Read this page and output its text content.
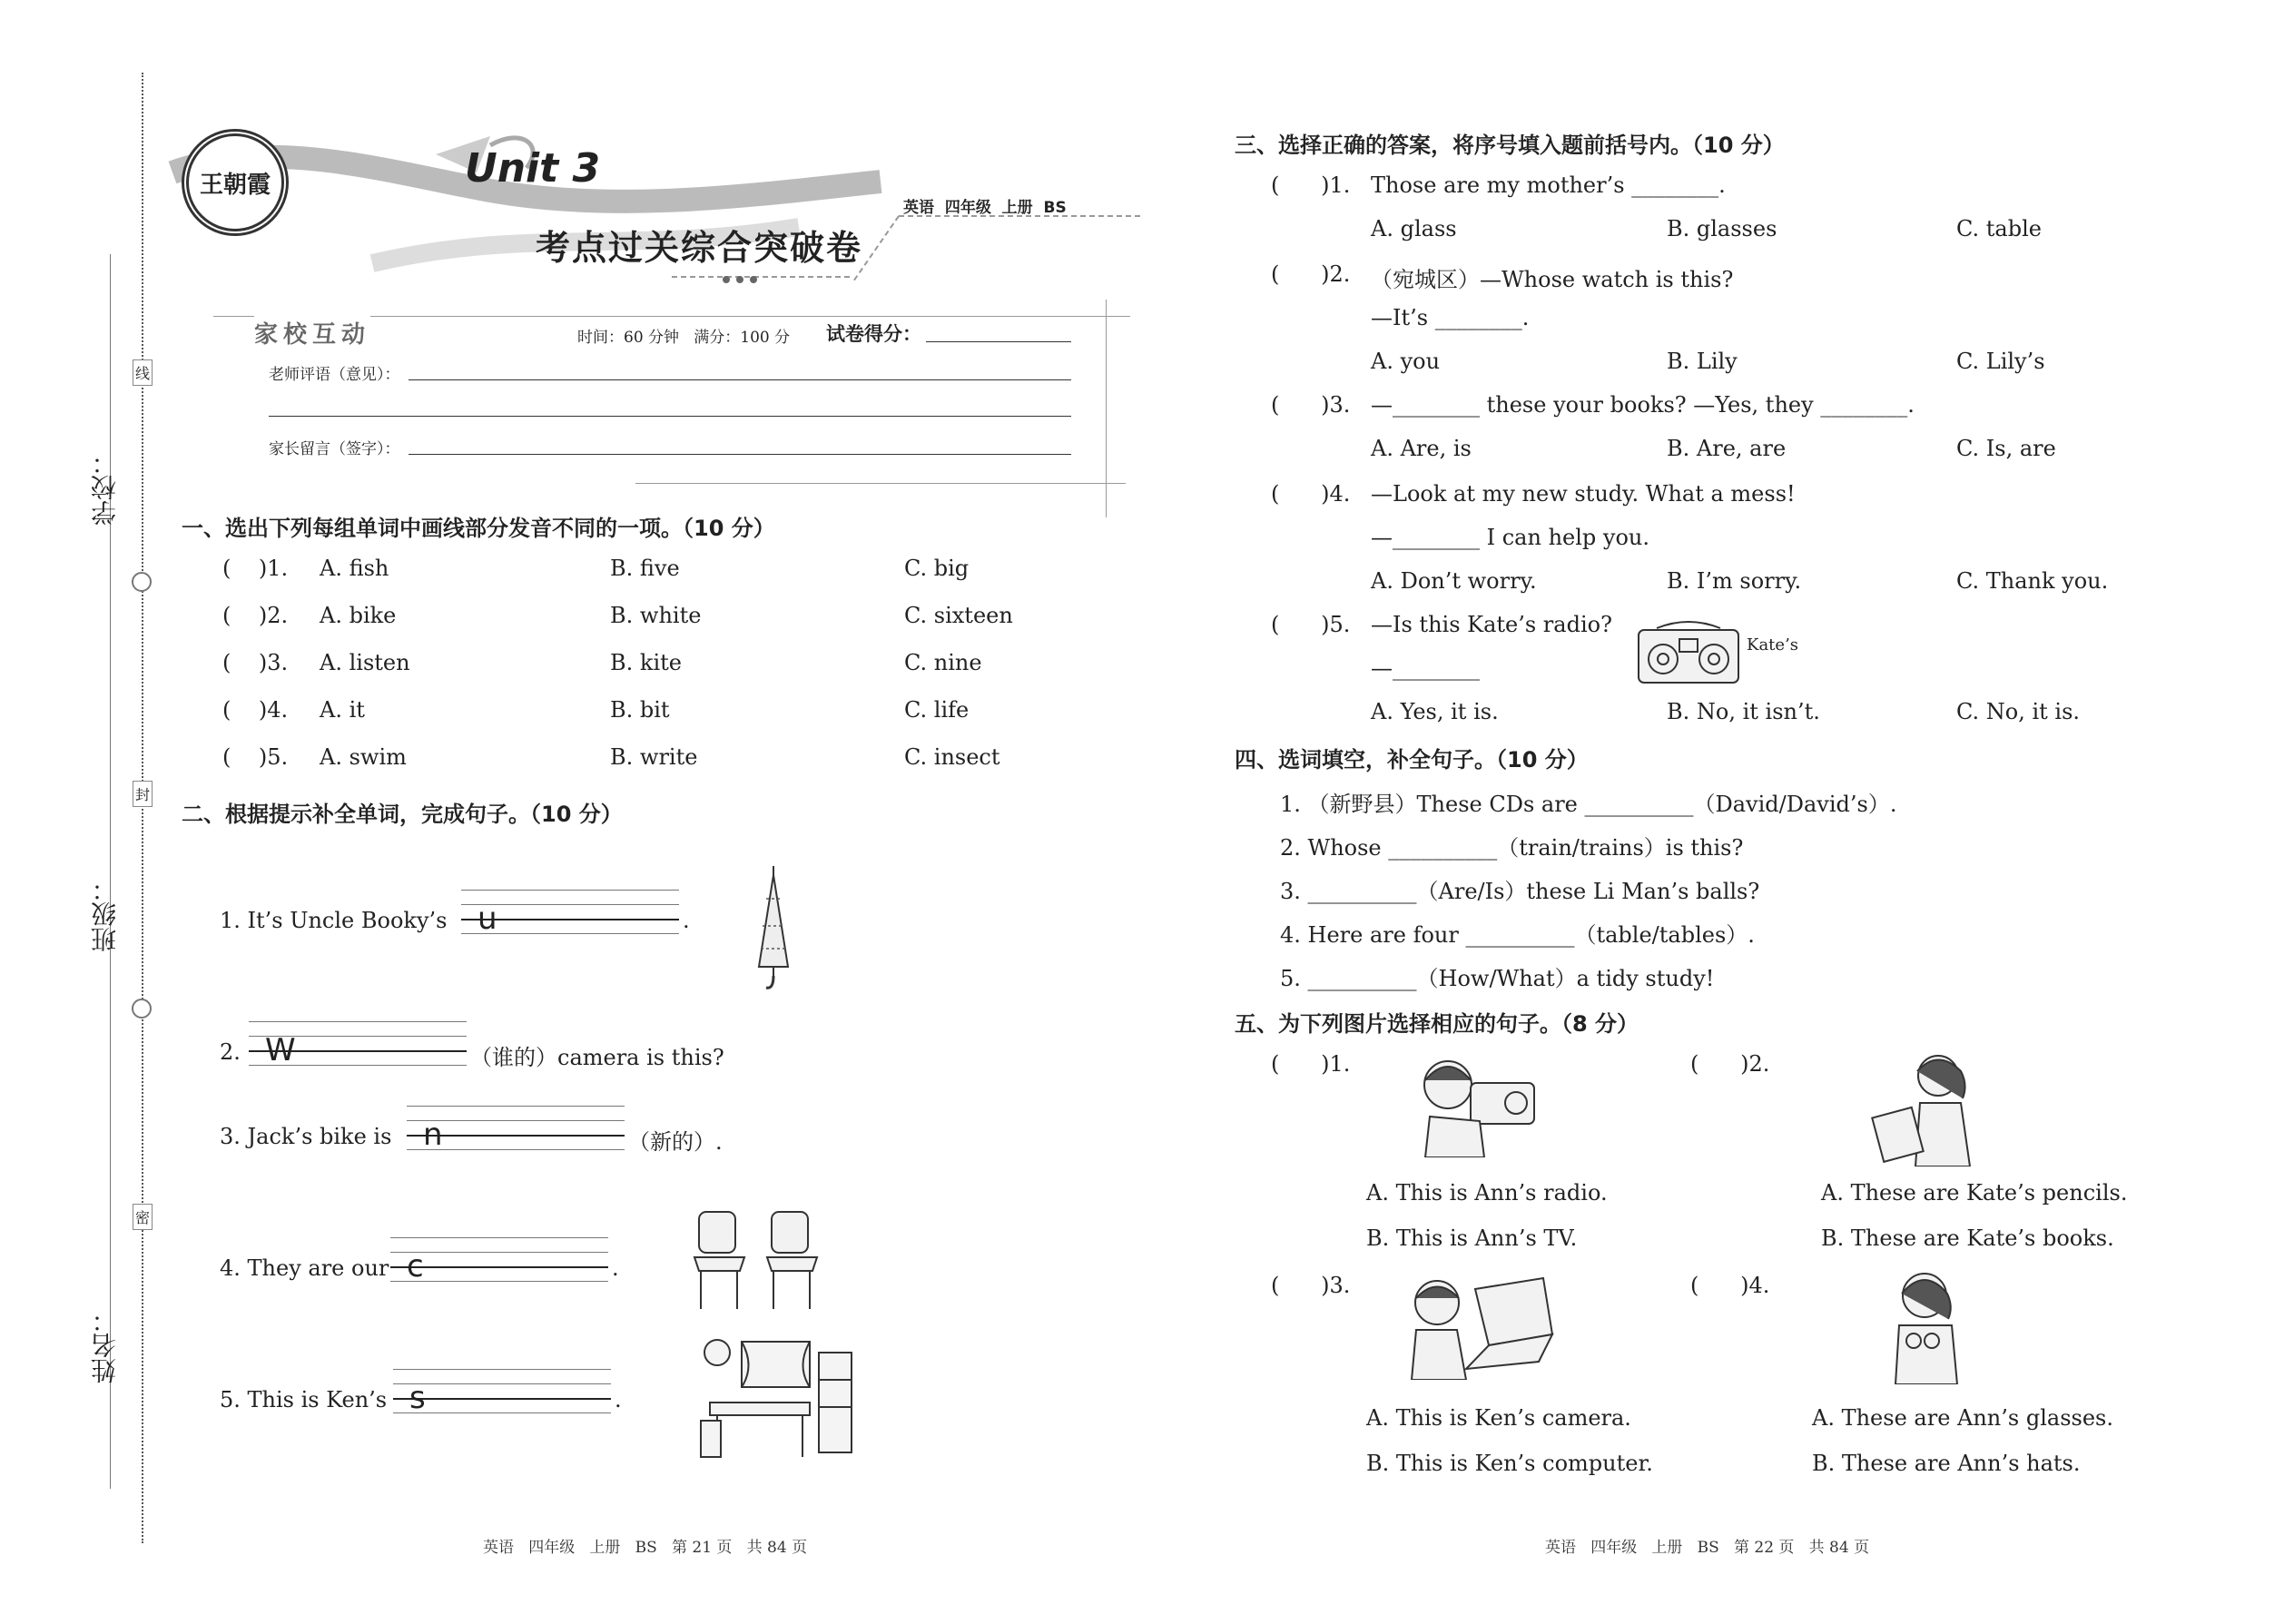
学校：
班级：
姓名：
线
封
密
王朝霞	Unit 3
考点过关综合突破卷
英语  四年级  上册  BS
家校互动	时间：60 分钟   满分：100 分 试卷得分：
老师评语（意见）：
家长留言（签字）：
一、选出下列每组单词中画线部分发音不同的一项。（10 分）
(    )1. A. fish	B. five	C. big
(    )2. A. bike	B. white	C. sixteen
(    )3. A. listen	B. kite	C. nine
(    )4. A. it	B. bit	C. life
(    )5. A. swim	B. write	C. insect
二、根据提示补全单词，完成句子。（10 分）
1. It’s Uncle Booky’s u	.
2. W	（谁的）camera is this?
3. Jack’s bike is n	（新的）.
4. They are our c	.
5. This is Ken’s s	.
三、选择正确的答案，将序号填入题前括号内。（10 分）
(      )1. Those are my mother’s ________.
A. glass	B. glasses	C. table
(      )2. （宛城区）—Whose watch is this?
—It’s ________.
A. you	B. Lily	C. Lily’s
(      )3. —________ these your books? —Yes, they ________.
A. Are, is	B. Are, are	C. Is, are
(      )4. —Look at my new study. What a mess!
—________ I can help you.
A. Don’t worry.	B. I’m sorry.	C. Thank you.
(      )5. —Is this Kate’s radio?
—________
A. Yes, it is.	B. No, it isn’t.	C. No, it is.
Kate’s
四、选词填空，补全句子。（10 分）
1. （新野县）These CDs are __________（David/David’s）.
2. Whose __________（train/trains）is this?
3. __________（Are/Is）these Li Man’s balls?
4. Here are four __________（table/tables）.
5. __________（How/What）a tidy study!
五、为下列图片选择相应的句子。（8 分）
(      )1.
A. This is Ann’s radio.
B. This is Ann’s TV.
(      )2.
A. These are Kate’s pencils.
B. These are Kate’s books.
(      )3.
A. This is Ken’s camera.
B. This is Ken’s computer.
(      )4.
A. These are Ann’s glasses.
B. These are Ann’s hats.
英语   四年级   上册   BS   第 21 页   共 84 页	英语   四年级   上册   BS   第 22 页   共 84 页
